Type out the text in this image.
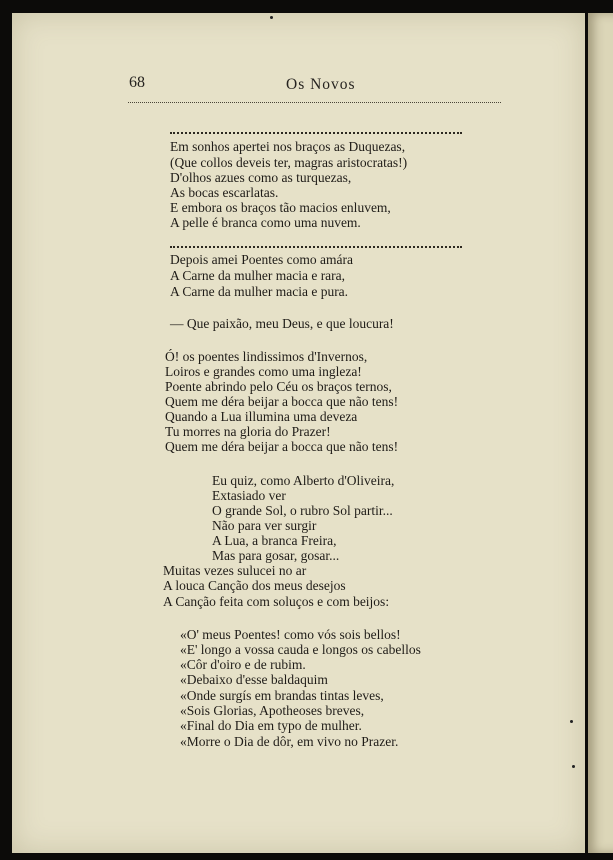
68	Os Novos
Em sonhos apertei nos braços as Duquezas,
(Que collos deveis ter, magras aristocratas!)
D'olhos azues como as turquezas,
As bocas escarlatas.
E embora os braços tão macios enluvem,
A pelle é branca como uma nuvem.
Depois amei Poentes como amára
A Carne da mulher macia e rara,
A Carne da mulher macia e pura.
— Que paixão, meu Deus, e que loucura!
Ó! os poentes lindissimos d'Invernos,
Loiros e grandes como uma ingleza!
Poente abrindo pelo Céu os braços ternos,
Quem me déra beijar a bocca que não tens!
Quando a Lua illumina uma deveza
Tu morres na gloria do Prazer!
Quem me déra beijar a bocca que não tens!
Eu quiz, como Alberto d'Oliveira,
Extasiado ver
O grande Sol, o rubro Sol partir...
Não para ver surgir
A Lua, a branca Freira,
Mas para gosar, gosar...
Muitas vezes sulucei no ar
A louca Canção dos meus desejos
A Canção feita com soluços e com beijos:
«O' meus Poentes! como vós sois bellos!
«E' longo a vossa cauda e longos os cabellos
«Côr d'oiro e de rubim.
«Debaixo d'esse baldaquim
«Onde surgís em brandas tintas leves,
«Sois Glorias, Apotheoses breves,
«Final do Dia em typo de mulher.
«Morre o Dia de dôr, em vivo no Prazer.
